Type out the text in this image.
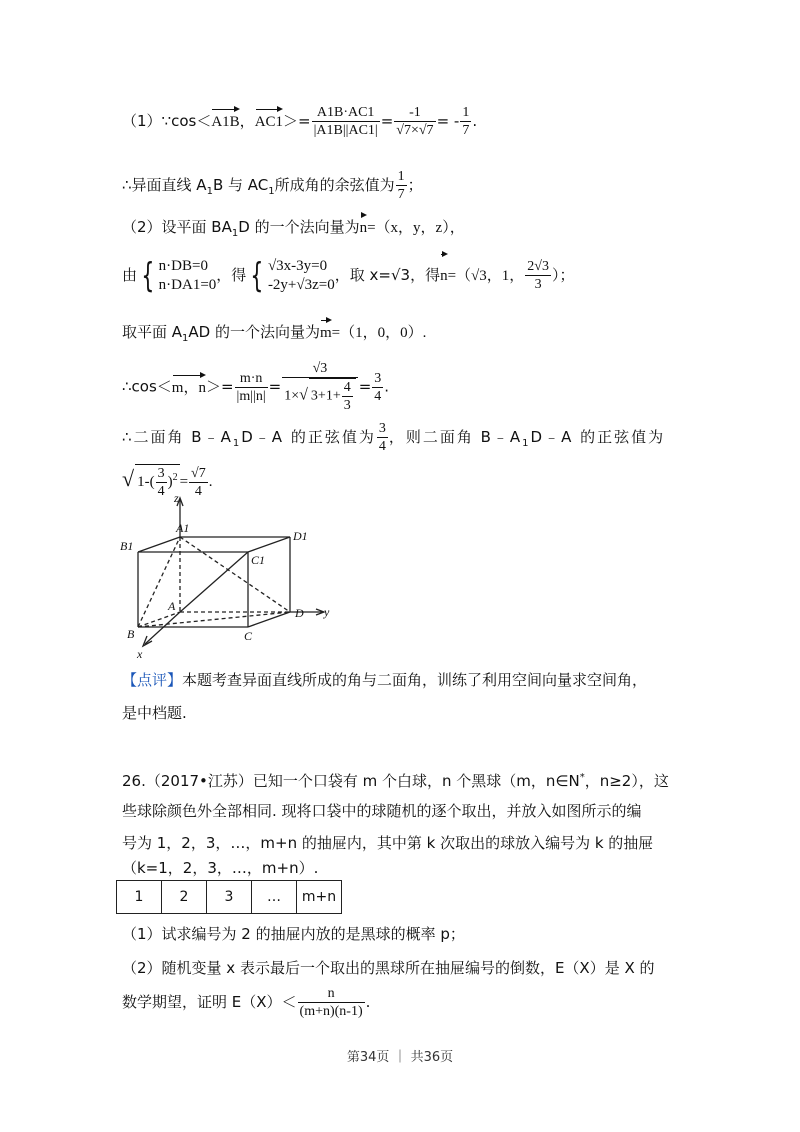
（1）∵cos＜A1B，$AC1>= \frac{A1B\cdot AC1}{|A1B||AC1|} = \frac{-1}{√7\times√7}$ = - $\frac{1}{7}$ .
∴异面直线 $A_1B$ 与 $AC_1$所成角的余弦值为 $\frac{1}{7}$ ；
（2）设平面 $BA_1D$ 的一个法向量为n=（x，y，z），
由 { n·DB=0
n·DA1=0
，得 { √3x-3y=0
-2y+√3z=0
，取 x=√3，得n=（√3，1， $\frac{2√3}{3}$ ）；
取平面 $A_1AD$ 的一个法向量为m=（1，0，0）.
∴cos＜m，$n>= \frac{m\cdot n}{|m||n|} = \frac{√3}{1\times√ 3+1+ \frac{4}{3}} = \frac{3}{4}$ .
∴二面角 $B﹣A_1D﹣A$ 的正弦值为 $\frac{3}{4}$ ，则二面角 $B﹣A_1D﹣A$ 的正弦值为
√ $1-( \frac{3}{4} )^2 = \frac{√7}{4}$ .
z
A1
B1
D1
C1
A
B	C
D y
x
【点评】本题考查异面直线所成的角与二面角，训练了利用空间向量求空间角，
是中档题.
26.（2017•江苏）已知一个口袋有 m 个白球，n 个黑球（m，n∈N*，n≥2），这
些球除颜色外全部相同. 现将口袋中的球随机的逐个取出，并放入如图所示的编
号为 1，2，3，…，m+n 的抽屉内，其中第 k 次取出的球放入编号为 k 的抽屉
（k=1，2，3，…，m+n）.
1	2	3	…	m+n
（1）试求编号为 2 的抽屉内放的是黑球的概率 p；
（2）随机变量 x 表示最后一个取出的黑球所在抽屉编号的倒数，E（X）是 X 的
数学期望，证明 $E(X)< \frac{n}{(m+n)(n-1)}$ .
第34页 ｜ 共36页
